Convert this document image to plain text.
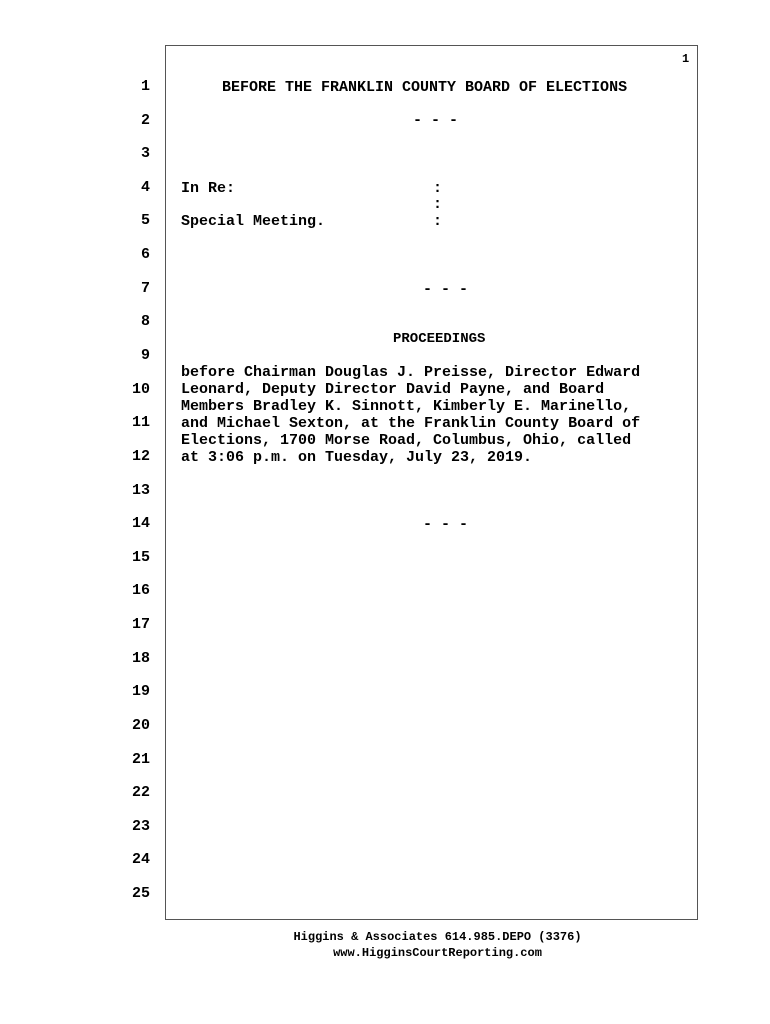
1
1
2
3
4
5
6
7
8
9
10
11
12
13
14
15
16
17
18
19
20
21
22
23
24
25
BEFORE THE FRANKLIN COUNTY BOARD OF ELECTIONS
- - -
In Re:	:
:
Special Meeting.	:
- - -
PROCEEDINGS
before Chairman Douglas J. Preisse, Director Edward
Leonard, Deputy Director David Payne, and Board
Members Bradley K. Sinnott, Kimberly E. Marinello,
and Michael Sexton, at the Franklin County Board of
Elections, 1700 Morse Road, Columbus, Ohio, called
at 3:06 p.m. on Tuesday, July 23, 2019.
- - -
Higgins & Associates 614.985.DEPO (3376)
www.HigginsCourtReporting.com
